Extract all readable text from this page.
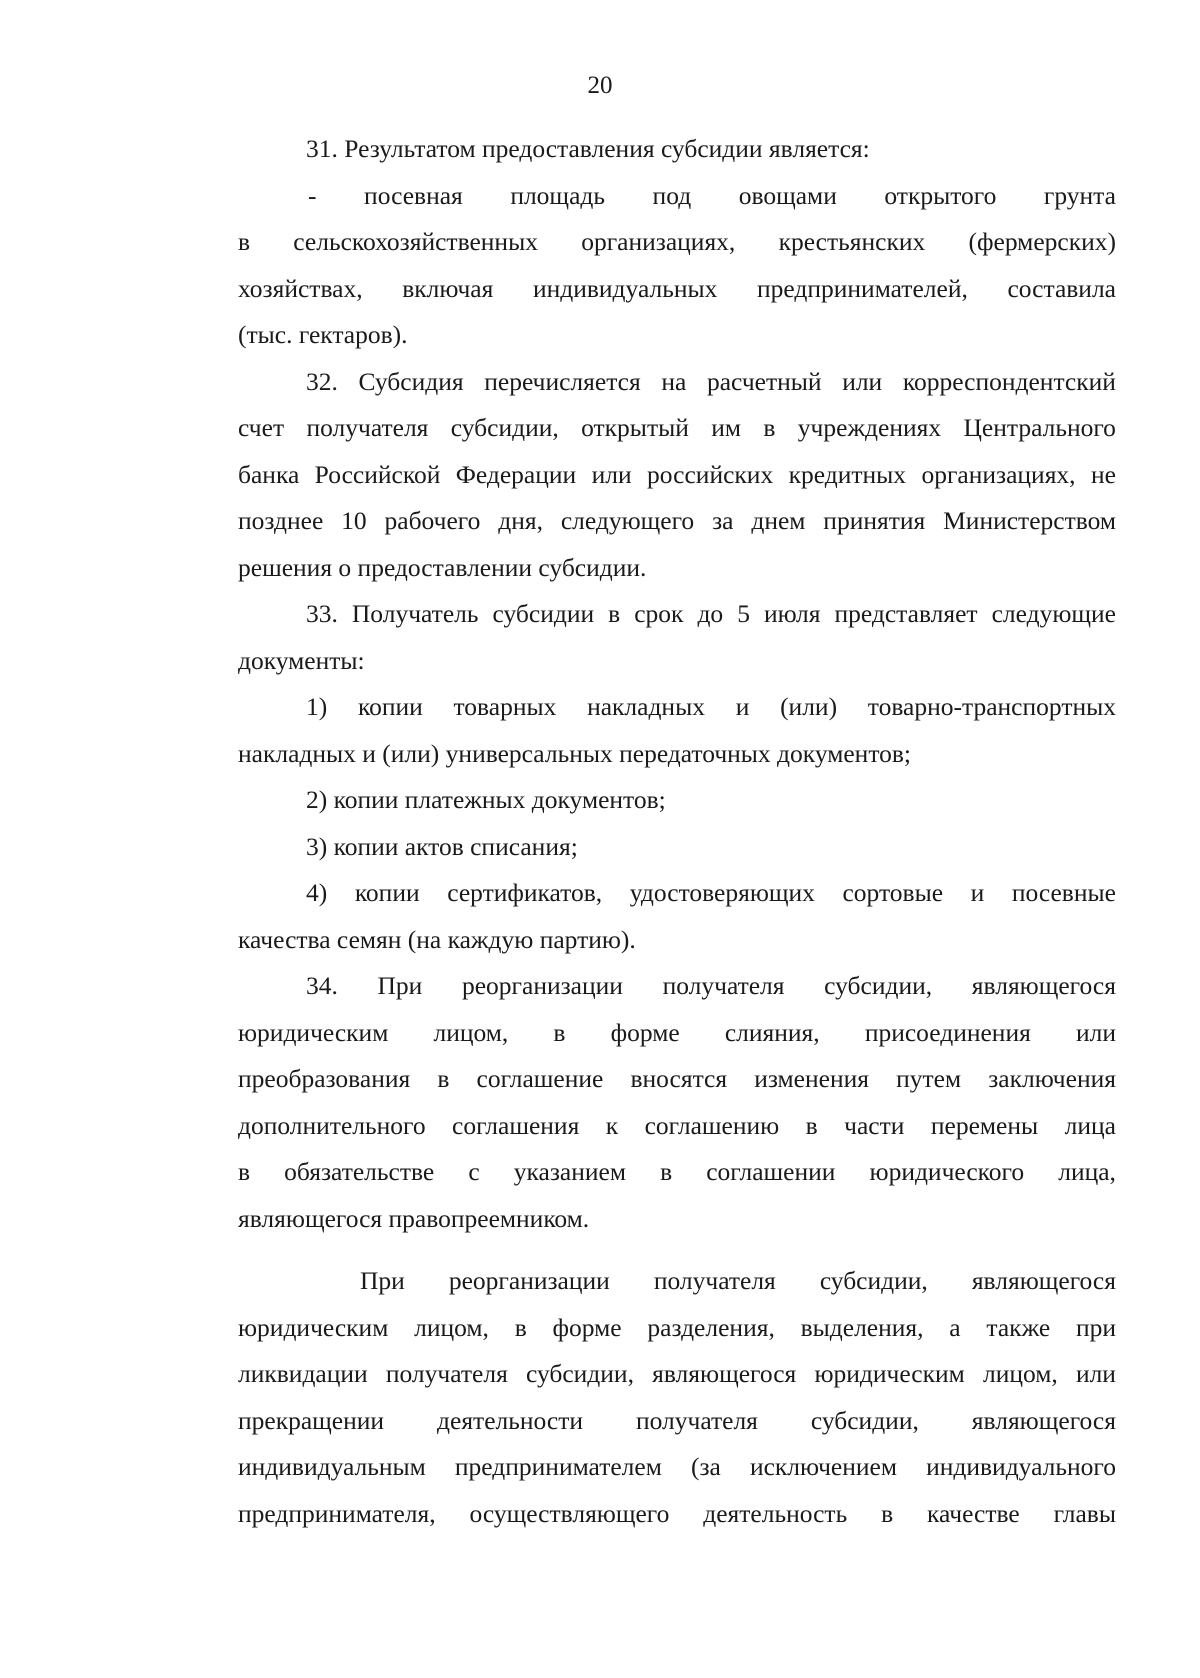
20
31. Результатом предоставления субсидии является:
- посевная площадь под овощами открытого грунта
в сельскохозяйственных организациях, крестьянских (фермерских)
хозяйствах, включая индивидуальных предпринимателей, составила
(тыс. гектаров).
32. Субсидия перечисляется на расчетный или корреспондентский
счет получателя субсидии, открытый им в учреждениях Центрального
банка Российской Федерации или российских кредитных организациях, не
позднее 10 рабочего дня, следующего за днем принятия Министерством
решения о предоставлении субсидии.
33. Получатель субсидии в срок до 5 июля представляет следующие
документы:
1) копии товарных накладных и (или) товарно-транспортных
накладных и (или) универсальных передаточных документов;
2) копии платежных документов;
3) копии актов списания;
4) копии сертификатов, удостоверяющих сортовые и посевные
качества семян (на каждую партию).
34. При реорганизации получателя субсидии, являющегося
юридическим лицом, в форме слияния, присоединения или
преобразования в соглашение вносятся изменения путем заключения
дополнительного соглашения к соглашению в части перемены лица
в обязательстве с указанием в соглашении юридического лица,
являющегося правопреемником.
При реорганизации получателя субсидии, являющегося
юридическим лицом, в форме разделения, выделения, а также при
ликвидации получателя субсидии, являющегося юридическим лицом, или
прекращении деятельности получателя субсидии, являющегося
индивидуальным предпринимателем (за исключением индивидуального
предпринимателя, осуществляющего деятельность в качестве главы
